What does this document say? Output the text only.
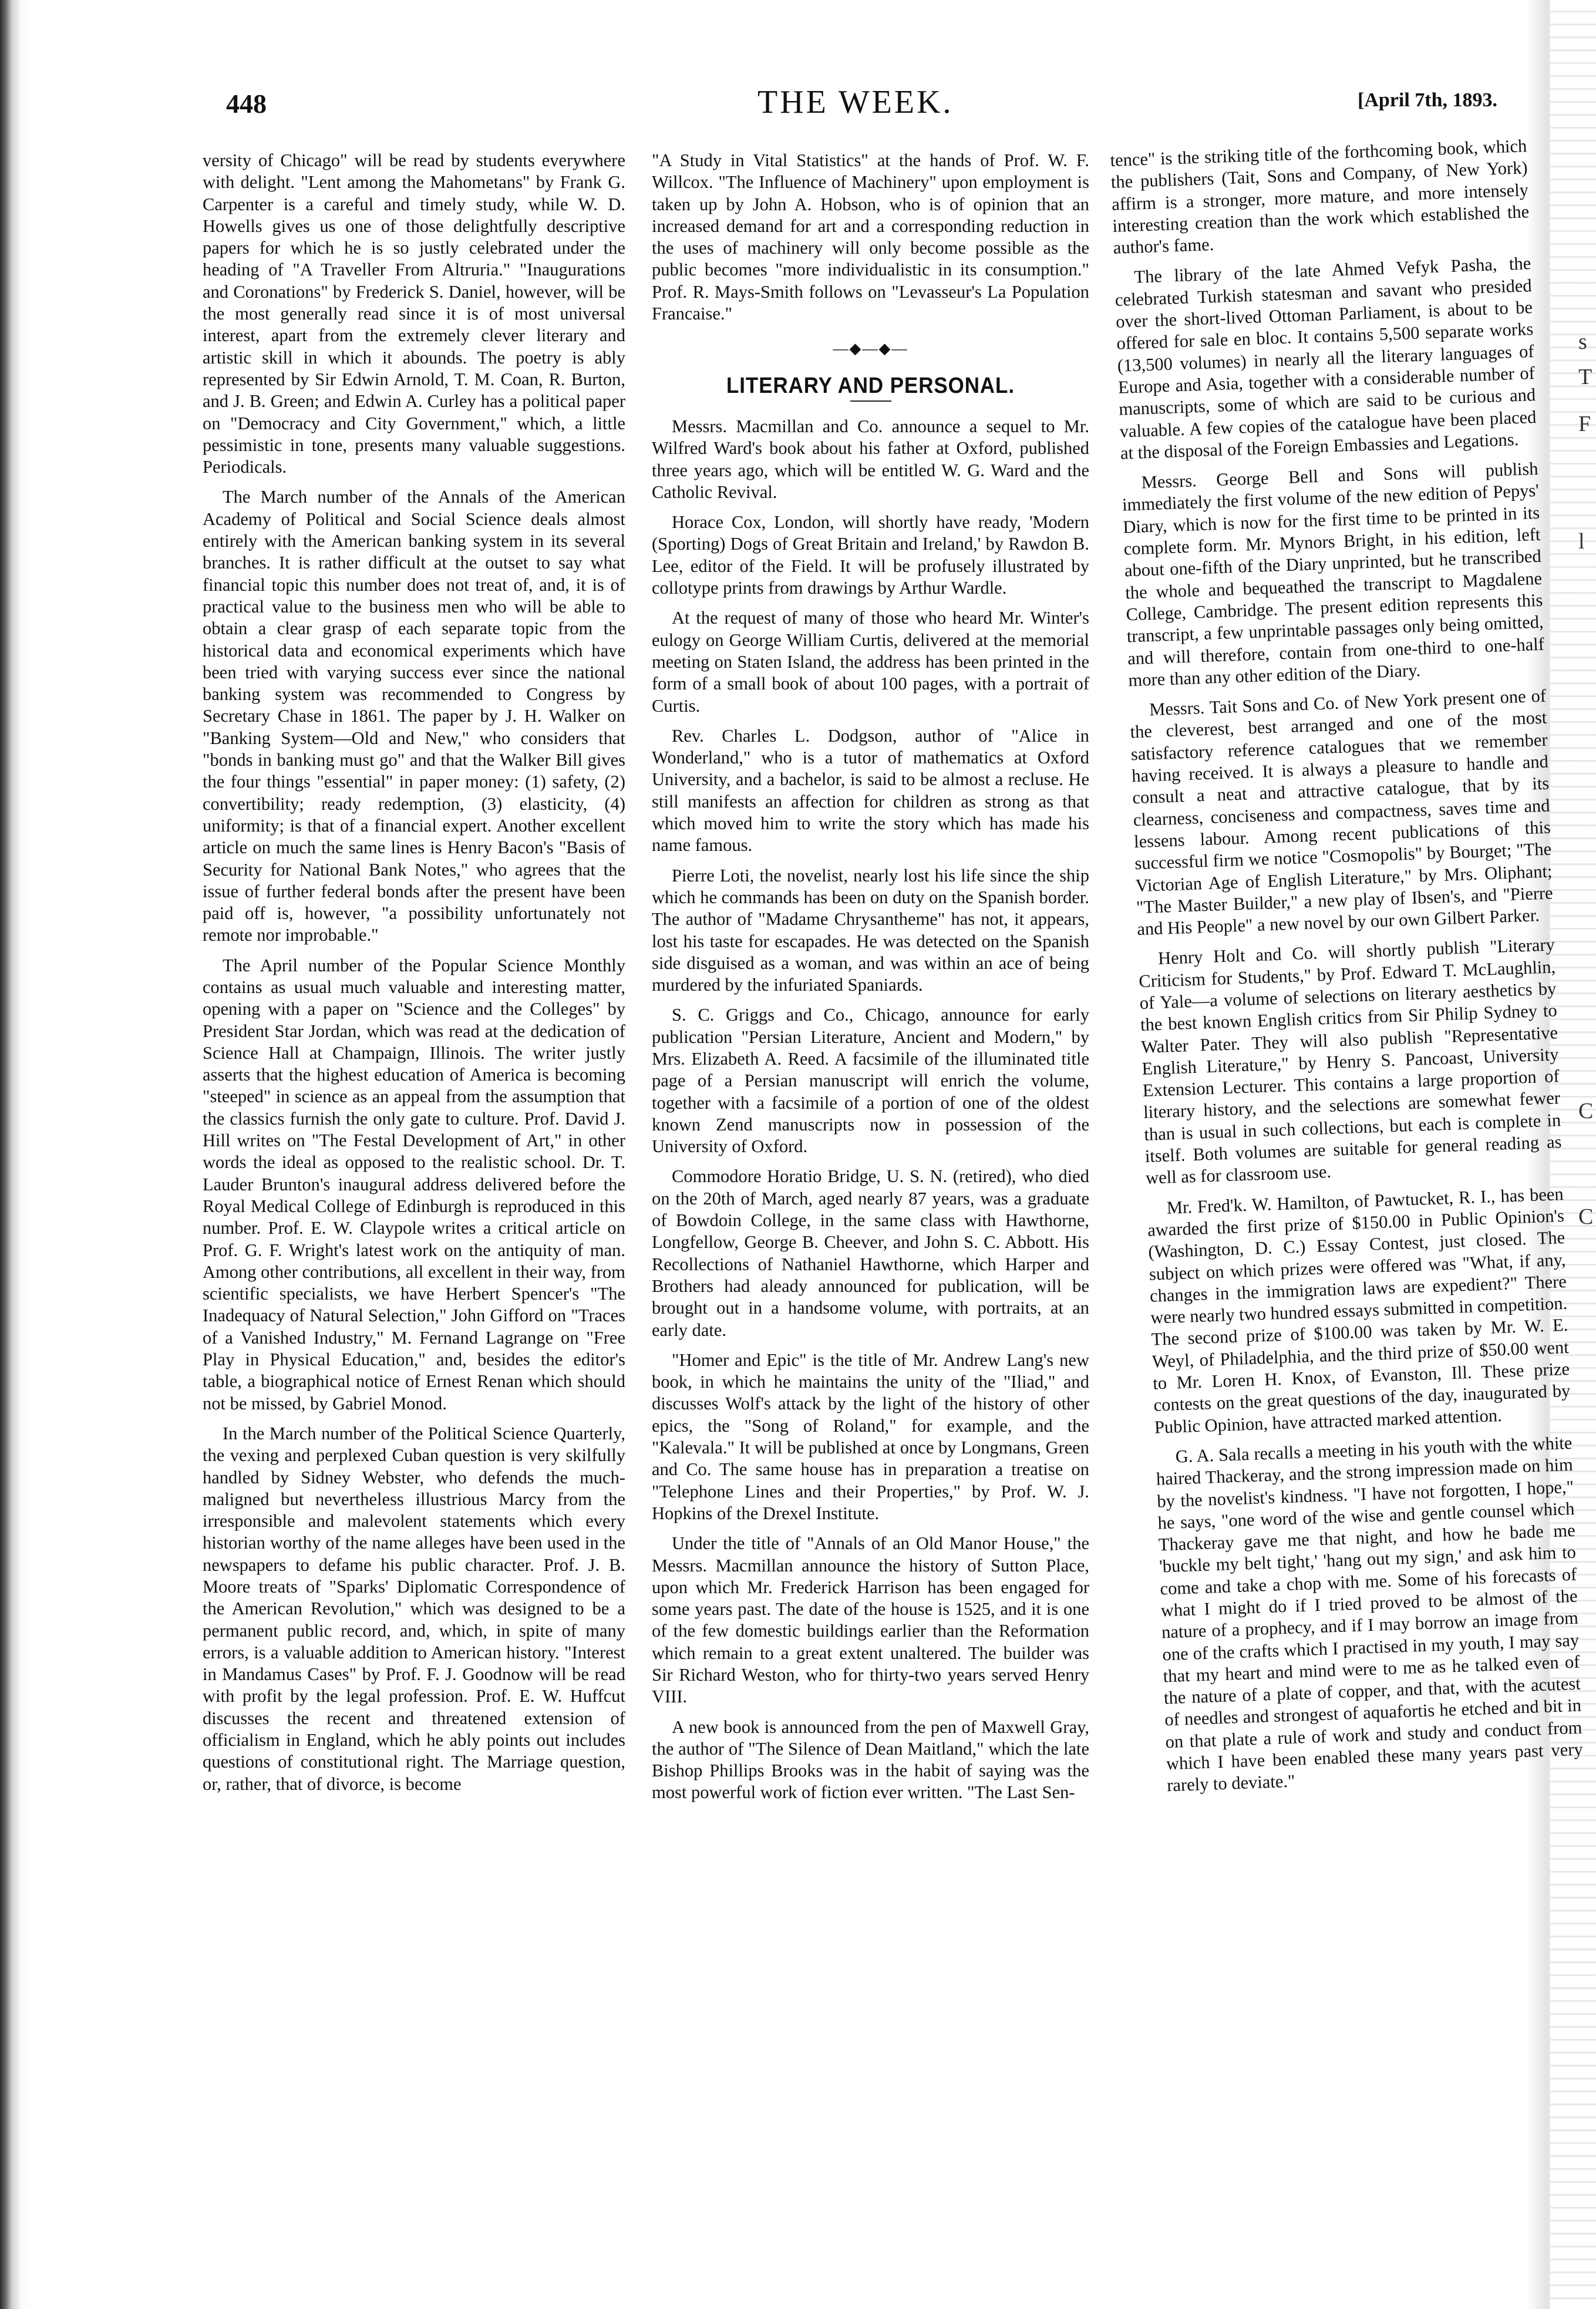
s
T
F
l
C
C
448	THE WEEK.	[April 7th, 1893.

versity of Chicago" will be read by students everywhere with delight. "Lent among the Mahometans" by Frank G. Carpenter is a careful and timely study, while W. D. Howells gives us one of those delightfully descriptive papers for which he is so justly celebrated under the heading of "A Traveller From Altruria." "Inaugurations and Coronations" by Frederick S. Daniel, however, will be the most generally read since it is of most universal interest, apart from the extremely clever literary and artistic skill in which it abounds. The poetry is ably represented by Sir Edwin Arnold, T. M. Coan, R. Burton, and J. B. Green; and Edwin A. Curley has a political paper on "Democracy and City Government," which, a little pessimistic in tone, presents many valuable suggestions. Periodicals.

The March number of the Annals of the American Academy of Political and Social Science deals almost entirely with the American banking system in its several branches. It is rather difficult at the outset to say what financial topic this number does not treat of, and, it is of practical value to the business men who will be able to obtain a clear grasp of each separate topic from the historical data and economical experiments which have been tried with varying success ever since the national banking system was recommended to Congress by Secretary Chase in 1861. The paper by J. H. Walker on "Banking System—Old and New," who considers that "bonds in banking must go" and that the Walker Bill gives the four things "essential" in paper money: (1) safety, (2) convertibility; ready redemption, (3) elasticity, (4) uniformity; is that of a financial expert. Another excellent article on much the same lines is Henry Bacon's "Basis of Security for National Bank Notes," who agrees that the issue of further federal bonds after the present have been paid off is, however, "a possibility unfortunately not remote nor improbable."

The April number of the Popular Science Monthly contains as usual much valuable and interesting matter, opening with a paper on "Science and the Colleges" by President Star Jordan, which was read at the dedication of Science Hall at Champaign, Illinois. The writer justly asserts that the highest education of America is becoming "steeped" in science as an appeal from the assumption that the classics furnish the only gate to culture. Prof. David J. Hill writes on "The Festal Development of Art," in other words the ideal as opposed to the realistic school. Dr. T. Lauder Brunton's inaugural address delivered before the Royal Medical College of Edinburgh is reproduced in this number. Prof. E. W. Claypole writes a critical article on Prof. G. F. Wright's latest work on the antiquity of man. Among other contributions, all excellent in their way, from scientific specialists, we have Herbert Spencer's "The Inadequacy of Natural Selection," John Gifford on "Traces of a Vanished Industry," M. Fernand Lagrange on "Free Play in Physical Education," and, besides the editor's table, a biographical notice of Ernest Renan which should not be missed, by Gabriel Monod.

In the March number of the Political Science Quarterly, the vexing and perplexed Cuban question is very skilfully handled by Sidney Webster, who defends the much-maligned but nevertheless illustrious Marcy from the irresponsible and malevolent statements which every historian worthy of the name alleges have been used in the newspapers to defame his public character. Prof. J. B. Moore treats of "Sparks' Diplomatic Correspondence of the American Revolution," which was designed to be a permanent public record, and, which, in spite of many errors, is a valuable addition to American history. "Interest in Mandamus Cases" by Prof. F. J. Goodnow will be read with profit by the legal profession. Prof. E. W. Huffcut discusses the recent and threatened extension of officialism in England, which he ably points out includes questions of constitutional right. The Marriage question, or, rather, that of divorce, is become

"A Study in Vital Statistics" at the hands of Prof. W. F. Willcox. "The Influence of Machinery" upon employment is taken up by John A. Hobson, who is of opinion that an increased demand for art and a corresponding reduction in the uses of machinery will only become possible as the public becomes "more individualistic in its consumption." Prof. R. Mays-Smith follows on "Levasseur's La Population Francaise."

—◆—◆—
LITERARY AND PERSONAL.

Messrs. Macmillan and Co. announce a sequel to Mr. Wilfred Ward's book about his father at Oxford, published three years ago, which will be entitled W. G. Ward and the Catholic Revival.

Horace Cox, London, will shortly have ready, 'Modern (Sporting) Dogs of Great Britain and Ireland,' by Rawdon B. Lee, editor of the Field. It will be profusely illustrated by collotype prints from drawings by Arthur Wardle.

At the request of many of those who heard Mr. Winter's eulogy on George William Curtis, delivered at the memorial meeting on Staten Island, the address has been printed in the form of a small book of about 100 pages, with a portrait of Curtis.

Rev. Charles L. Dodgson, author of "Alice in Wonderland," who is a tutor of mathematics at Oxford University, and a bachelor, is said to be almost a recluse. He still manifests an affection for children as strong as that which moved him to write the story which has made his name famous.

Pierre Loti, the novelist, nearly lost his life since the ship which he commands has been on duty on the Spanish border. The author of "Madame Chrysantheme" has not, it appears, lost his taste for escapades. He was detected on the Spanish side disguised as a woman, and was within an ace of being murdered by the infuriated Spaniards.

S. C. Griggs and Co., Chicago, announce for early publication "Persian Literature, Ancient and Modern," by Mrs. Elizabeth A. Reed. A facsimile of the illuminated title page of a Persian manuscript will enrich the volume, together with a facsimile of a portion of one of the oldest known Zend manuscripts now in possession of the University of Oxford.

Commodore Horatio Bridge, U. S. N. (retired), who died on the 20th of March, aged nearly 87 years, was a graduate of Bowdoin College, in the same class with Hawthorne, Longfellow, George B. Cheever, and John S. C. Abbott. His Recollections of Nathaniel Hawthorne, which Harper and Brothers had aleady announced for publication, will be brought out in a handsome volume, with portraits, at an early date.

"Homer and Epic" is the title of Mr. Andrew Lang's new book, in which he maintains the unity of the "Iliad," and discusses Wolf's attack by the light of the history of other epics, the "Song of Roland," for example, and the "Kalevala." It will be published at once by Longmans, Green and Co. The same house has in preparation a treatise on "Telephone Lines and their Properties," by Prof. W. J. Hopkins of the Drexel Institute.

Under the title of "Annals of an Old Manor House," the Messrs. Macmillan announce the history of Sutton Place, upon which Mr. Frederick Harrison has been engaged for some years past. The date of the house is 1525, and it is one of the few domestic buildings earlier than the Reformation which remain to a great extent unaltered. The builder was Sir Richard Weston, who for thirty-two years served Henry VIII.

A new book is announced from the pen of Maxwell Gray, the author of "The Silence of Dean Maitland," which the late Bishop Phillips Brooks was in the habit of saying was the most powerful work of fiction ever written. "The Last Sen-

tence" is the striking title of the forthcoming book, which the publishers (Tait, Sons and Company, of New York) affirm is a stronger, more mature, and more intensely interesting creation than the work which established the author's fame.

The library of the late Ahmed Vefyk Pasha, the celebrated Turkish statesman and savant who presided over the short-lived Ottoman Parliament, is about to be offered for sale en bloc. It contains 5,500 separate works (13,500 volumes) in nearly all the literary languages of Europe and Asia, together with a considerable number of manuscripts, some of which are said to be curious and valuable. A few copies of the catalogue have been placed at the disposal of the Foreign Embassies and Legations.

Messrs. George Bell and Sons will publish immediately the first volume of the new edition of Pepys' Diary, which is now for the first time to be printed in its complete form. Mr. Mynors Bright, in his edition, left about one-fifth of the Diary unprinted, but he transcribed the whole and bequeathed the transcript to Magdalene College, Cambridge. The present edition represents this transcript, a few unprintable passages only being omitted, and will therefore, contain from one-third to one-half more than any other edition of the Diary.

Messrs. Tait Sons and Co. of New York present one of the cleverest, best arranged and one of the most satisfactory reference catalogues that we remember having received. It is always a pleasure to handle and consult a neat and attractive catalogue, that by its clearness, conciseness and compactness, saves time and lessens labour. Among recent publications of this successful firm we notice "Cosmopolis" by Bourget; "The Victorian Age of English Literature," by Mrs. Oliphant; "The Master Builder," a new play of Ibsen's, and "Pierre and His People" a new novel by our own Gilbert Parker.

Henry Holt and Co. will shortly publish "Literary Criticism for Students," by Prof. Edward T. McLaughlin, of Yale—a volume of selections on literary aesthetics by the best known English critics from Sir Philip Sydney to Walter Pater. They will also publish "Representative English Literature," by Henry S. Pancoast, University Extension Lecturer. This contains a large proportion of literary history, and the selections are somewhat fewer than is usual in such collections, but each is complete in itself. Both volumes are suitable for general reading as well as for classroom use.

Mr. Fred'k. W. Hamilton, of Pawtucket, R. I., has been awarded the first prize of $150.00 in Public Opinion's (Washington, D. C.) Essay Contest, just closed. The subject on which prizes were offered was "What, if any, changes in the immigration laws are expedient?" There were nearly two hundred essays submitted in competition. The second prize of $100.00 was taken by Mr. W. E. Weyl, of Philadelphia, and the third prize of $50.00 went to Mr. Loren H. Knox, of Evanston, Ill. These prize contests on the great questions of the day, inaugurated by Public Opinion, have attracted marked attention.

G. A. Sala recalls a meeting in his youth with the white haired Thackeray, and the strong impression made on him by the novelist's kindness. "I have not forgotten, I hope," he says, "one word of the wise and gentle counsel which Thackeray gave me that night, and how he bade me 'buckle my belt tight,' 'hang out my sign,' and ask him to come and take a chop with me. Some of his forecasts of what I might do if I tried proved to be almost of the nature of a prophecy, and if I may borrow an image from one of the crafts which I practised in my youth, I may say that my heart and mind were to me as he talked even of the nature of a plate of copper, and that, with the acutest of needles and strongest of aquafortis he etched and bit in on that plate a rule of work and study and conduct from which I have been enabled these many years past very rarely to deviate."
